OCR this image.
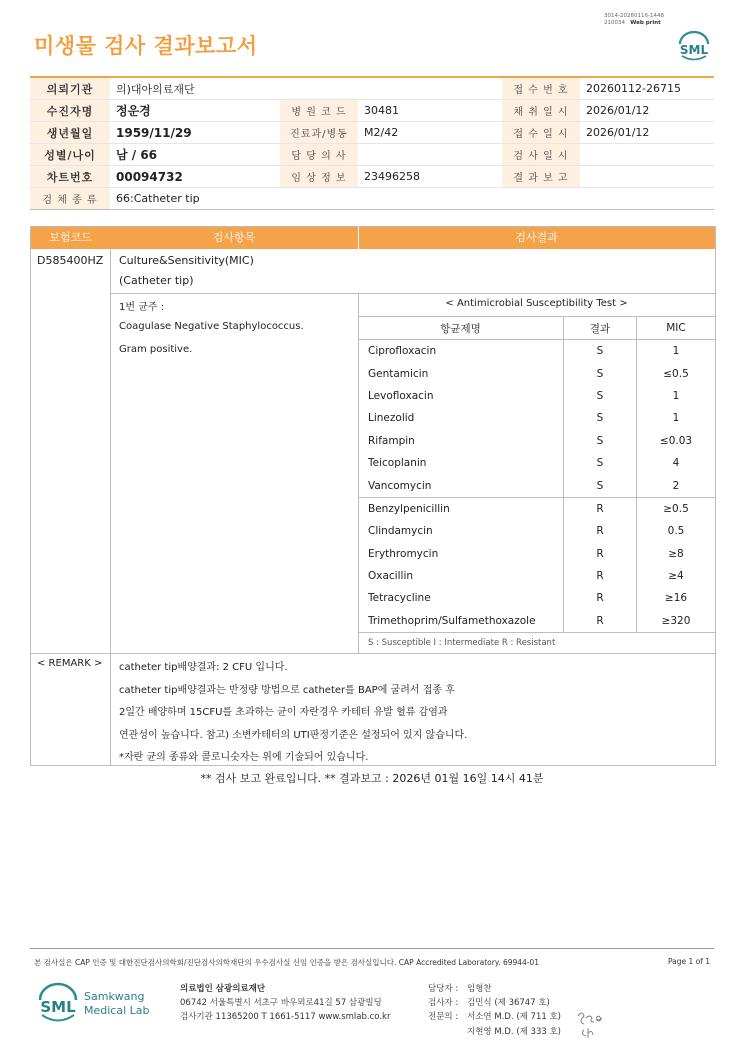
미생물 검사 결과보고서
3014-20260116-1448
210034 Web print
SML
의뢰기관	의)대아의료재단			접 수 번 호	20260112-26715
수진자명	정운경	병 원 코 드	30481	채 취 일 시	2026/01/12
생년월일	1959/11/29	진료과/병동	M2/42	접 수 일 시	2026/01/12
성별/나이	남 / 66	담 당 의 사		검 사 일 시	
차트번호	00094732	임 상 정 보	23496258	결 과 보 고	
검 체 종 류	66:Catheter tip				
보험코드	검사항목	검사결과
D585400HZ Culture&Sensitivity(MIC)
(Catheter tip)
1번 균주 :
Coagulase Negative Staphylococcus.
Gram positive.
< Antimicrobial Susceptibility Test >
항균제명	결과	MIC
Ciprofloxacin	S	1
Gentamicin	S	≤0.5
Levofloxacin	S	1
Linezolid	S	1
Rifampin	S	≤0.03
Teicoplanin	S	4
Vancomycin	S	2
Benzylpenicillin	R	≥0.5
Clindamycin	R	0.5
Erythromycin	R	≥8
Oxacillin	R	≥4
Tetracycline	R	≥16
Trimethoprim/Sulfamethoxazole	R	≥320
S : Susceptible I : Intermediate R : Resistant		
< REMARK > catheter tip배양결과: 2 CFU 입니다.
catheter tip배양결과는 반정량 방법으로 catheter를 BAP에 굴려서 접종 후
2일간 배양하며 15CFU를 초과하는 균이 자란경우 카테터 유발 혈류 감염과
연관성이 높습니다. 참고) 소변카테터의 UTI판정기준은 설정되어 있지 않습니다.
*자란 균의 종류와 콜로니숫자는 위에 기술되어 있습니다.
** 검사 보고 완료입니다. ** 결과보고 : 2026년 01월 16일 14시 41분
본 검사실은 CAP 인증 및 대한진단검사의학회/진단검사의학재단의 우수검사실 신임 인증을 받은 검사실입니다. CAP Accredited Laboratory. 69944-01	Page 1 of 1
SML
Samkwang
Medical Lab
의료법인 삼광의료재단
06742 서울특별시 서초구 바우뫼로41길 57 삼광빌딩
검사기관 11365200 T 1661-5117 www.smlab.co.kr
담당자 : 임형찬
검사자 : 김민식 (제 36747 호)
전문의 : 서소연 M.D. (제 711 호)
지현영 M.D. (제 333 호)
